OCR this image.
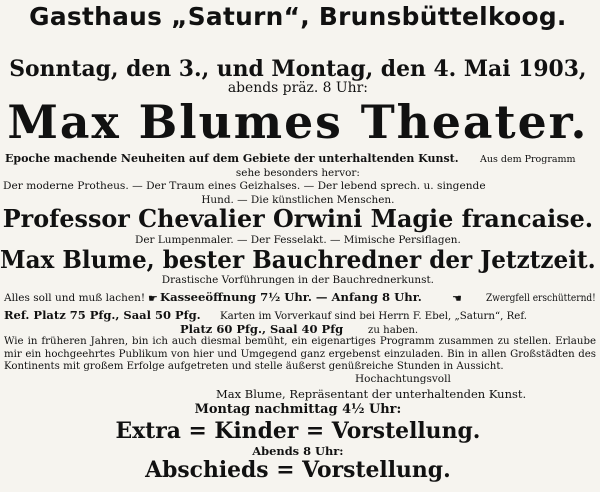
Gasthaus „Saturn“, Brunsbüttelkoog.
Sonntag, den 3., und Montag, den 4. Mai 1903,
abends präz. 8 Uhr:
Max Blumes Theater.
Epoche machende Neuheiten auf dem Gebiete der unterhaltenden Kunst. Aus dem Programm
sehe besonders hervor:
Der moderne Protheus. — Der Traum eines Geizhalses. — Der lebend sprech. u. singende
Hund. — Die künstlichen Menschen.
Professor Chevalier Orwini Magie francaise.
Der Lumpenmaler. — Der Fesselakt. — Mimische Persiflagen.
Max Blume, bester Bauchredner der Jetztzeit.
Drastische Vorführungen in der Bauchrednerkunst.
Alles soll und muß lachen! Kasseeöffnung 7½ Uhr. — Anfang 8 Uhr.	Zwergfell erschütternd!
Ref. Platz 75 Pfg., Saal 50 Pfg. Karten im Vorverkauf sind bei Herrn F. Ebel, „Saturn“, Ref.
Platz 60 Pfg., Saal 40 Pfg zu haben.
Wie in früheren Jahren, bin ich auch diesmal bemüht, ein eigenartiges Programm zusammen zu stellen. Erlaube mir ein hochgeehrtes Publikum von hier und Umgegend ganz ergebenst einzuladen. Bin in allen Großstädten des Kontinents mit großem Erfolge aufgetreten und stelle äußerst genüßreiche Stunden in Aussicht.
Hochachtungsvoll
Max Blume, Repräsentant der unterhaltenden Kunst.
Montag nachmittag 4½ Uhr:
Extra = Kinder = Vorstellung.
Abends 8 Uhr:
Abschieds = Vorstellung.
☛	☚
